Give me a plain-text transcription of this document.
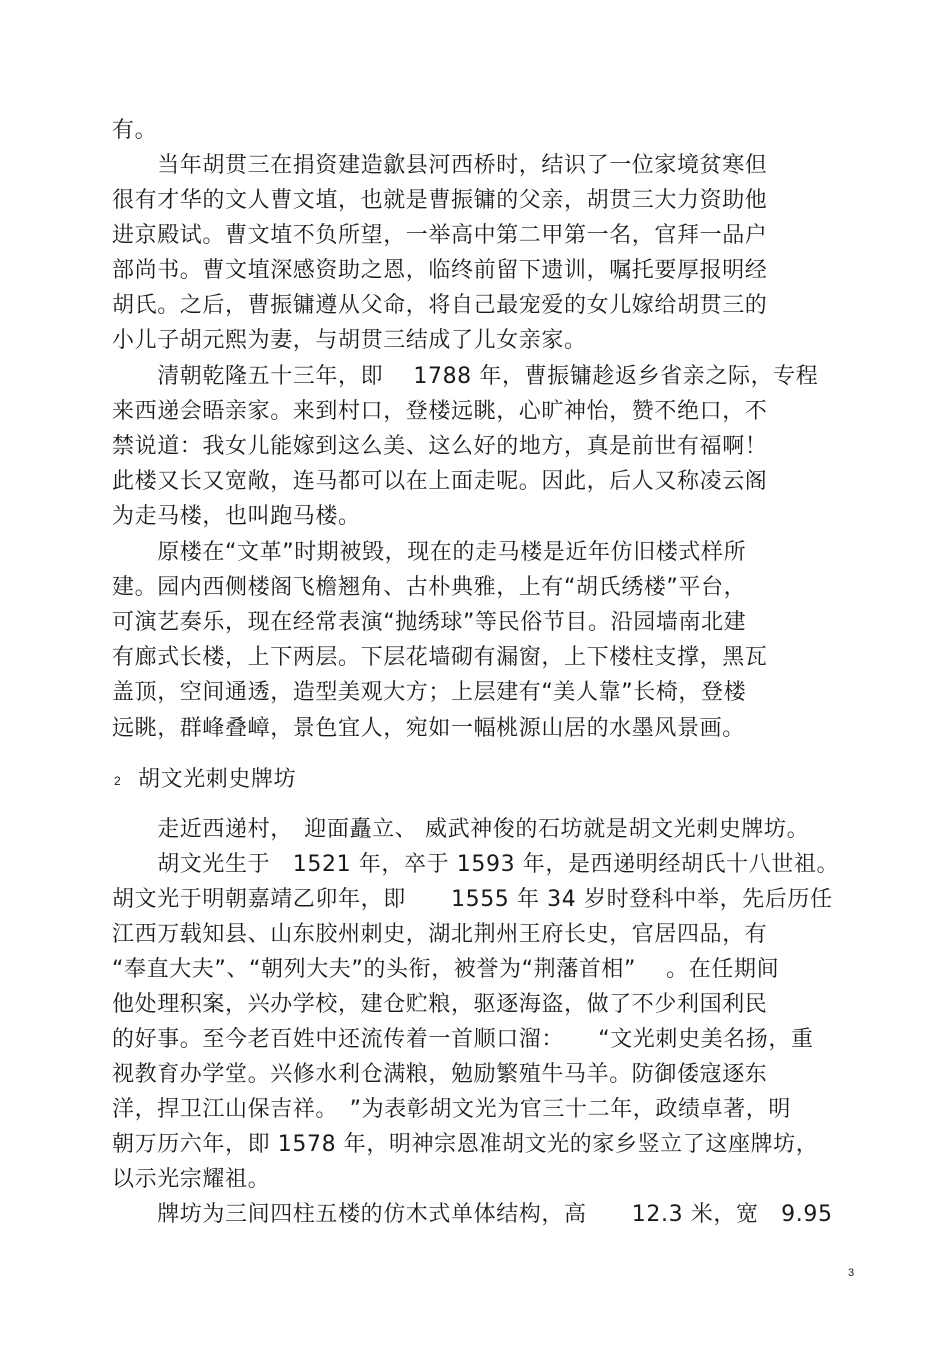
有。
　　当年胡贯三在捐资建造歙县河西桥时，结识了一位家境贫寒但
很有才华的文人曹文埴，也就是曹振镛的父亲，胡贯三大力资助他
进京殿试。曹文埴不负所望，一举高中第二甲第一名，官拜一品户
部尚书。曹文埴深感资助之恩，临终前留下遗训，嘱托要厚报明经
胡氏。之后，曹振镛遵从父命，将自己最宠爱的女儿嫁给胡贯三的
小儿子胡元熙为妻，与胡贯三结成了儿女亲家。
　　清朝乾隆五十三年，即　 1788 年，曹振镛趁返乡省亲之际，专程
来西递会晤亲家。来到村口，登楼远眺，心旷神怡，赞不绝口，不
禁说道：我女儿能嫁到这么美、这么好的地方，真是前世有福啊！
此楼又长又宽敞，连马都可以在上面走呢。因此，后人又称凌云阁
为走马楼，也叫跑马楼。
　　原楼在“文革”时期被毁，现在的走马楼是近年仿旧楼式样所
建。园内西侧楼阁飞檐翘角、古朴典雅，上有“胡氏绣楼”平台，
可演艺奏乐，现在经常表演“抛绣球”等民俗节目。沿园墙南北建
有廊式长楼，上下两层。下层花墙砌有漏窗，上下楼柱支撑，黑瓦
盖顶，空间通透，造型美观大方；上层建有“美人靠”长椅，登楼
远眺，群峰叠嶂，景色宜人，宛如一幅桃源山居的水墨风景画。
2 胡文光刺史牌坊
　　走近西递村，　迎面矗立、 威武神俊的石坊就是胡文光刺史牌坊。
　　胡文光生于　1521 年，卒于 1593 年，是西递明经胡氏十八世祖。
胡文光于明朝嘉靖乙卯年，即　　1555 年 34 岁时登科中举，先后历任
江西万载知县、山东胶州刺史，湖北荆州王府长史，官居四品，有
“奉直大夫”、“朝列大夫”的头衔，被誉为“荆藩首相”　 。在任期间
他处理积案，兴办学校，建仓贮粮，驱逐海盗，做了不少利国利民
的好事。至今老百姓中还流传着一首顺口溜：　　“文光刺史美名扬，重
视教育办学堂。兴修水利仓满粮，勉励繁殖牛马羊。防御倭寇逐东
洋，捍卫江山保吉祥。　”为表彰胡文光为官三十二年，政绩卓著，明
朝万历六年，即 1578 年，明神宗恩准胡文光的家乡竖立了这座牌坊，
以示光宗耀祖。
　　牌坊为三间四柱五楼的仿木式单体结构，高　　12.3 米，宽　9.95
3
